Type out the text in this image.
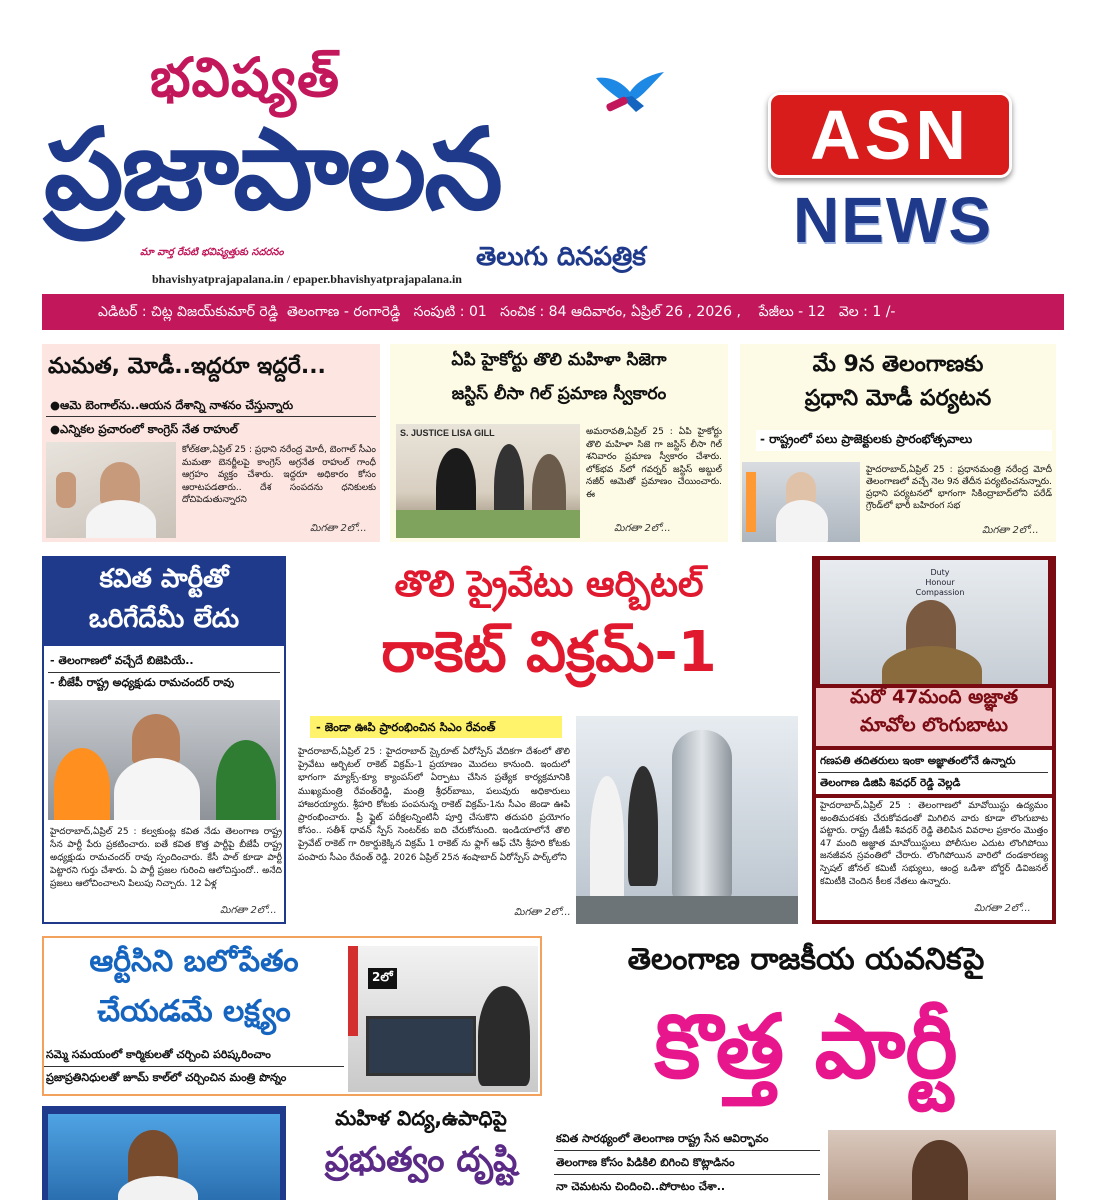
భవిష్యత్
ప్రజాపాలన
మా వార్త రేపటి భవిష్యత్తుకు సదరనం
bhavishyatprajapalana.in / epaper.bhavishyatprajapalana.in
తెలుగు దినపత్రిక
ASN
NEWS
ఎడిటర్ : చిట్ల విజయ్‌కుమార్ రెడ్డి  తెలంగాణ - రంగారెడ్డి   సంపుటి : 01   సంచిక : 84 ఆదివారం, ఏప్రిల్ 26 , 2026 ,    పేజీలు - 12   వెల : 1 /-
మమత, మోడీ..ఇద్దరూ ఇద్దరే...
●ఆమె బెంగాల్‌ను..ఆయన దేశాన్ని నాశనం చేస్తున్నారు
●ఎన్నికల ప్రచారంలో కాంగ్రెస్ నేత రాహుల్
కోల్‌కతా,ఏప్రిల్ 25 : ప్రధాని నరేంద్ర మోదీ, బెంగాల్ సీఎం మమతా బెనర్జీలపై కాంగ్రెస్ అగ్రనేత రాహుల్ గాంధీ ఆగ్రహం వ్యక్తం చేశారు. ఇద్దరూ అధికారం కోసం ఆరాటపడతారు.. దేశ సంపదను ధనికులకు దోచిపెడుతున్నారని
మిగతా 2లో...
ఏపి హైకోర్టు తొలి మహిళా సిజెగా
జస్టిస్ లీసా గిల్ ప్రమాణ స్వీకారం
S. JUSTICE LISA GILL	అమరావతి,ఏప్రిల్ 25 : ఏపి హైకోర్టు తొలి మహిళా సిజె గా జస్టిస్ లీసా గిల్ శనివారం ప్రమాణ స్వీకారం చేశారు. లోక్‌భవ న్‌లో గవర్నర్ జస్టిస్ అబ్దుల్ నజీర్ ఆమెతో ప్రమాణం చేయించారు. ఈ
మిగతా 2లో...
మే 9న తెలంగాణకు
ప్రధాని మోడీ పర్యటన
- రాష్ట్రంలో పలు ప్రాజెక్టులకు ప్రారంభోత్సవాలు
హైదరాబాద్,ఏప్రిల్ 25 : ప్రధానమంత్రి నరేంద్ర మోదీ తెలంగాణలో వచ్చే నెల 9న తేదీన పర్యటించనున్నారు. ప్రధాని పర్యటనలో భాగంగా సికింద్రాబాద్‌లోని పరేడ్ గ్రౌండ్‌లో భారీ బహిరంగ సభ
మిగతా 2లో...
కవిత పార్టీతో
ఒరిగేదేమీ లేదు
- తెలంగాణలో వచ్చేదే బిజెపియే..
- బీజేపీ రాష్ట్ర అధ్యక్షుడు రామచందర్ రావు
హైదరాబాద్,ఏప్రిల్ 25 : కల్వకుంట్ల కవిత నేడు తెలంగాణ రాష్ట్ర సేన పార్టీ పేరు ప్రకటించారు. ఐతే కవిత కొత్త పార్టీపై బీజేపీ రాష్ట్ర అధ్యక్షుడు రామచందర్ రావు స్పందించారు. కేసీ పాల్ కూడా పార్టీ పెట్టారని గుర్తు చేశారు. ఏ పార్టీ ప్రజల గురించి ఆలోచిస్తుందో.. అనేది ప్రజలు ఆలోచించాలని పిలుపు నిచ్చారు. 12 ఏళ్ల
మిగతా 2లో...
తొలి ప్రైవేటు ఆర్బిటల్
రాకెట్ విక్రమ్-1
- జెండా ఊపి ప్రారంభించిన సిఎం రేవంత్
హైదరాబాద్,ఏప్రిల్ 25 : హైదరాబాద్ స్కైరూట్ ఏరోస్పేస్ వేదికగా దేశంలో తొలి ప్రైవేటు ఆర్బిటల్ రాకెట్ విక్రమ్-1 ప్రయాణం మొదలు కానుంది. ఇందులో భాగంగా మ్యాక్స్-క్యూ క్యాంపస్‌లో ఏర్పాటు చేసిన ప్రత్యేక కార్యక్రమానికి ముఖ్యమంత్రి రేవంత్‌రెడ్డి, మంత్రి శ్రీధర్‌బాబు, పలువురు అధికారులు హాజరయ్యారు. శ్రీహరి కోటకు పంపనున్న రాకెట్ విక్రమ్-1ను సీఎం జెండా ఊపి ప్రారంభించారు. ప్రీ ఫ్లైట్ పరీక్షలన్నింటినీ పూర్తి చేసుకొని తదుపరి ప్రయోగం కోసం.. సతీశ్ ధావన్ స్పేస్ సెంటర్‌కు ఐది చేరుకోనుంది. ఇండియాలోనే తొలి ప్రైవేట్ రాకెట్ గా రికార్డుకెక్కిన విక్రమ్ 1 రాకెట్ ను ఫ్లాగ్ ఆఫ్ చేసి శ్రీహరి కోటకు పంపారు సీఎం రేవంత్ రెడ్డి. 2026 ఏప్రిల్ 25న శంషాబాద్ ఏరోస్పేస్ పార్క్‌లోని
మిగతా 2లో...
Duty
Honour
Compassion
మరో 47మంది అజ్ఞాత
మావోల లొంగుబాటు
గణపతి తదితరులు ఇంకా అజ్ఞాతంలోనే ఉన్నారు
తెలంగాణ డిజిపి శివధర్ రెడ్డి వెల్లడి
హైదరాబాద్,ఏప్రిల్ 25 : తెలంగాణలో మావోయిస్టు ఉద్యమం అంతిమదశకు చేరుకోవడంతో మిగిలిన వారు కూడా లొంగుబాట పట్టారు. రాష్ట్ర డీజీపీ శివధర్ రెడ్డి తెలిపిన వివరాల ప్రకారం మొత్తం 47 మంది అజ్ఞాత మావోయిస్టులు పోలీసుల ఎదుట లొంగిపోయి జనజీవన స్రవంతిలో చేరారు. లొంగిపోయిన వారిలో దండకారణ్య స్పెషల్ జోనల్ కమిటీ సభ్యులు, ఆంధ్ర ఒడిశా బోర్డర్ డివిజనల్ కమిటీకి చెందిన కీలక నేతలు ఉన్నారు.
మిగతా 2లో...
ఆర్టీసిని బలోపేతం
చేయడమే లక్ష్యం
సమ్మె సమయంలో కార్మికులతో చర్చించి పరిష్కరించాం
ప్రజాప్రతినిధులతో జూమ్ కాల్‌లో చర్చించిన మంత్రి పొన్నం
2లో	తెలంగాణ రాజకీయ యవనికపై
కొత్త పార్టీ
మహిళ విద్య,ఉపాధిపై
ప్రభుత్వం దృష్టి
కవిత సారథ్యంలో తెలంగాణ రాష్ట్ర సేన ఆవిర్భావం
తెలంగాణ కోసం పిడికిలి బిగించి కొట్లాడినం
నా చెమటను చిందించి..పోరాటం చేశా..
